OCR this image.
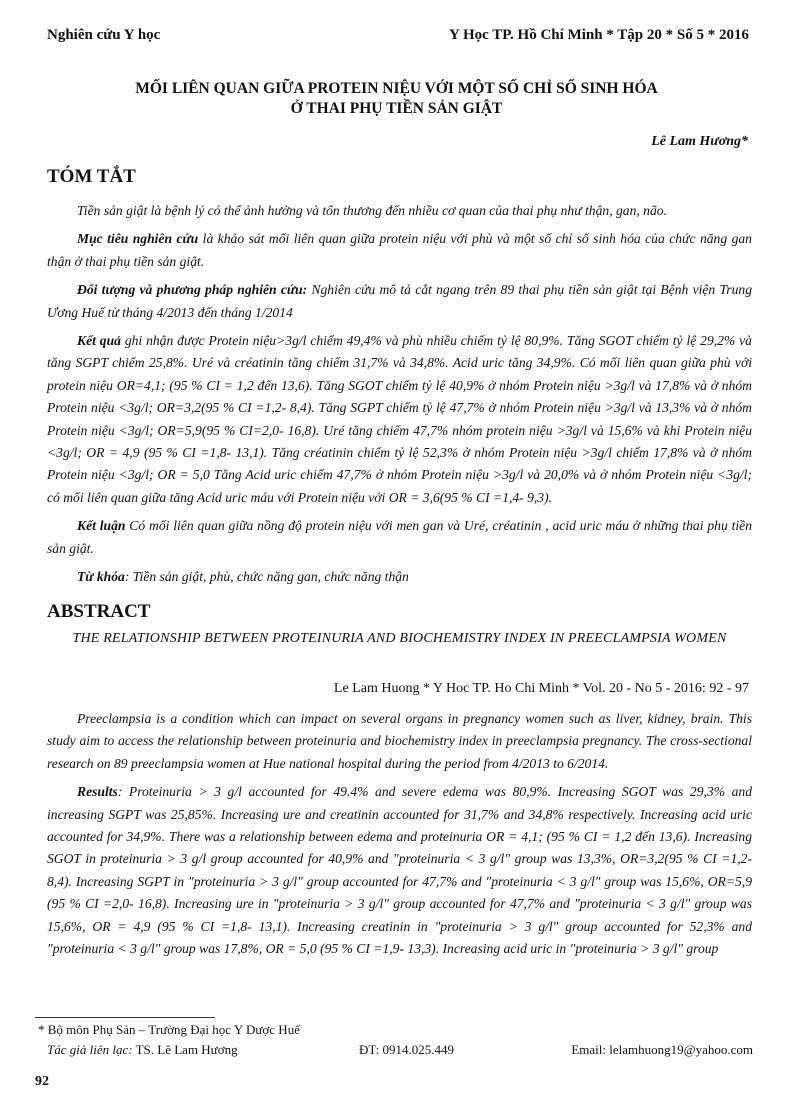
Nghiên cứu Y học	Y Học TP. Hồ Chí Minh * Tập 20 * Số 5 * 2016
MỐI LIÊN QUAN GIỮA PROTEIN NIỆU VỚI MỘT SỐ CHỈ SỐ SINH HÓA
Ở THAI PHỤ TIỀN SẢN GIẬT
Lê Lam Hương*
TÓM TẮT

Tiền sản giật là bệnh lý có thể ảnh hưởng và tổn thương đến nhiều cơ quan của thai phụ như thận, gan, não.

Mục tiêu nghiên cứu là khảo sát mối liên quan giữa protein niệu với phù và một số chỉ số sinh hóa của chức năng gan thận ở thai phụ tiền sản giật.

Đối tượng và phương pháp nghiên cứu: Nghiên cứu mô tả cắt ngang trên 89 thai phụ tiền sản giật tại Bệnh viện Trung Ương Huế từ tháng 4/2013 đến tháng 1/2014

Kết quả ghi nhận được Protein niệu>3g/l chiếm 49,4% và phù nhiều chiếm tỷ lệ 80,9%. Tăng SGOT chiếm tỷ lệ 29,2% và tăng SGPT chiếm 25,8%. Uré và créatinin tăng chiếm 31,7% và 34,8%. Acid uric tăng 34,9%. Có mối liên quan giữa phù với protein niệu OR=4,1; (95 % CI = 1,2 đến 13,6). Tăng SGOT chiếm tỷ lệ 40,9% ở nhóm Protein niệu >3g/l và 17,8% và ở nhóm Protein niệu <3g/l; OR=3,2(95 % CI =1,2- 8,4). Tăng SGPT chiếm tỷ lệ 47,7% ở nhóm Protein niệu >3g/l và 13,3% và ở nhóm Protein niệu <3g/l; OR=5,9(95 % CI=2,0- 16,8). Uré tăng chiếm 47,7% nhóm protein niệu >3g/l và 15,6% và khi Protein niệu <3g/l; OR = 4,9 (95 % CI =1,8- 13,1). Tăng créatinin chiếm tỷ lệ 52,3% ở nhóm Protein niệu >3g/l chiếm 17,8% và ở nhóm Protein niệu <3g/l; OR = 5,0 Tăng Acid uric chiếm 47,7% ở nhóm Protein niệu >3g/l và 20,0% và ở nhóm Protein niệu <3g/l; có mối liên quan giữa tăng Acid uric máu với Protein niệu với OR = 3,6(95 % CI =1,4- 9,3).

Kết luận Có mối liên quan giữa nồng độ protein niệu với men gan và Uré, créatinin , acid uric máu ở những thai phụ tiền sản giật.

Từ khóa: Tiền sản giật, phù, chức năng gan, chức năng thận

ABSTRACT
THE RELATIONSHIP BETWEEN PROTEINURIA AND BIOCHEMISTRY INDEX IN PREECLAMPSIA WOMEN
Le Lam Huong * Y Hoc TP. Ho Chi Minh * Vol. 20 - No 5 - 2016: 92 - 97

Preeclampsia is a condition which can impact on several organs in pregnancy women such as liver, kidney, brain. This study aim to access the relationship between proteinuria and biochemistry index in preeclampsia pregnancy. The cross-sectional research on 89 preeclampsia women at Hue national hospital during the period from 4/2013 to 6/2014.

Results: Proteinuria > 3 g/l accounted for 49.4% and severe edema was 80,9%. Increasing SGOT was 29,3% and increasing SGPT was 25,85%. Increasing ure and creatinin accounted for 31,7% and 34,8% respectively. Increasing acid uric accounted for 34,9%. There was a relationship between edema and proteinuria OR = 4,1; (95 % CI = 1,2 đến 13,6). Increasing SGOT in proteinuria > 3 g/l group accounted for 40,9% and "proteinuria < 3 g/l" group was 13,3%, OR=3,2(95 % CI =1,2- 8,4). Increasing SGPT in "proteinuria > 3 g/l" group accounted for 47,7% and "proteinuria < 3 g/l" group was 15,6%, OR=5,9 (95 % CI =2,0- 16,8). Increasing ure in "proteinuria > 3 g/l" group accounted for 47,7% and "proteinuria < 3 g/l" group was 15,6%, OR = 4,9 (95 % CI =1,8- 13,1). Increasing creatinin in "proteinuria > 3 g/l" group accounted for 52,3% and "proteinuria < 3 g/l" group was 17,8%, OR = 5,0 (95 % CI =1,9- 13,3). Increasing acid uric in "proteinuria > 3 g/l" group

* Bộ môn Phụ Sản – Trường Đại học Y Dược Huế
Tác giả liên lạc: TS. Lê Lam Hương	ĐT: 0914.025.449	Email: lelamhuong19@yahoo.com
92
